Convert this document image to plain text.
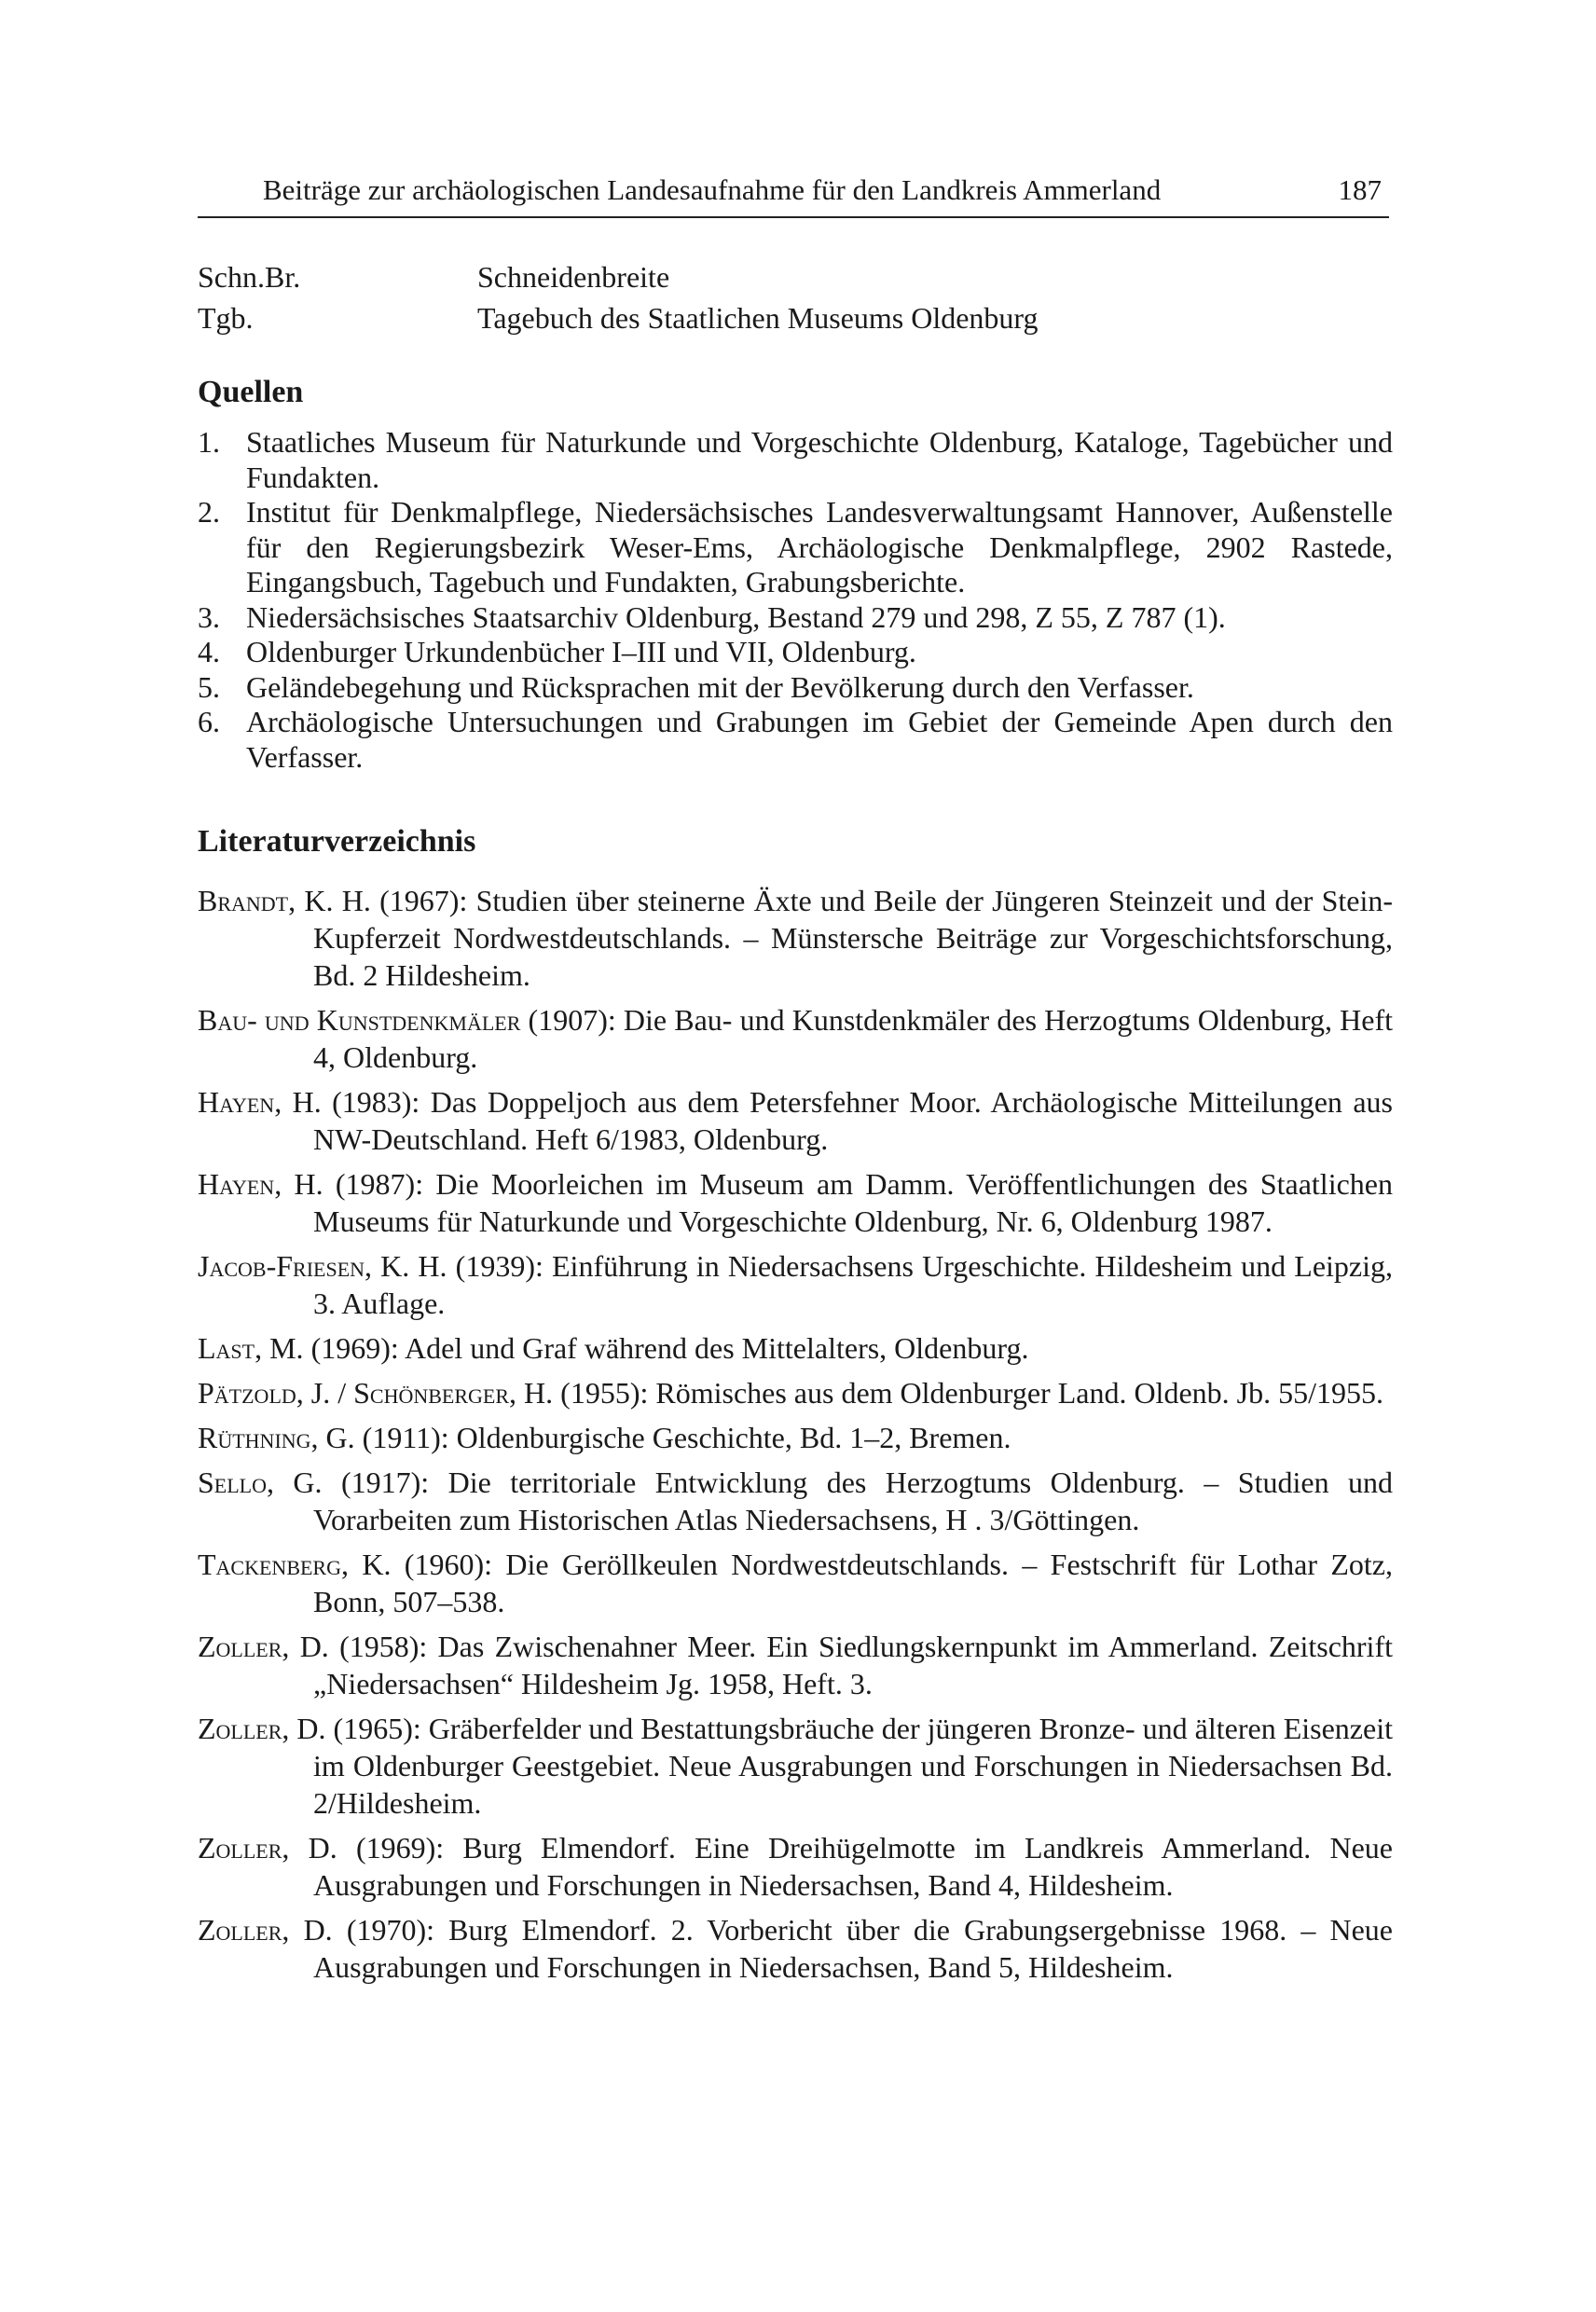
Beiträge zur archäologischen Landesaufnahme für den Landkreis Ammerland	187
Schn.Br.	Schneidenbreite
Tgb.	Tagebuch des Staatlichen Museums Oldenburg
Quellen
1. Staatliches Museum für Naturkunde und Vorgeschichte Oldenburg, Kataloge, Tagebücher und Fundakten.
2. Institut für Denkmalpflege, Niedersächsisches Landesverwaltungsamt Hannover, Außenstelle für den Regierungsbezirk Weser-Ems, Archäologische Denkmalpflege, 2902 Rastede, Eingangsbuch, Tagebuch und Fundakten, Grabungsberichte.
3. Niedersächsisches Staatsarchiv Oldenburg, Bestand 279 und 298, Z 55, Z 787 (1).
4. Oldenburger Urkundenbücher I–III und VII, Oldenburg.
5. Geländebegehung und Rücksprachen mit der Bevölkerung durch den Verfasser.
6. Archäologische Untersuchungen und Grabungen im Gebiet der Gemeinde Apen durch den Verfasser.
Literaturverzeichnis
Brandt, K. H. (1967): Studien über steinerne Äxte und Beile der Jüngeren Steinzeit und der Stein-Kupferzeit Nordwestdeutschlands. – Münstersche Beiträge zur Vorgeschichtsforschung, Bd. 2 Hildesheim.
Bau- und Kunstdenkmäler (1907): Die Bau- und Kunstdenkmäler des Herzogtums Oldenburg, Heft 4, Oldenburg.
Hayen, H. (1983): Das Doppeljoch aus dem Petersfehner Moor. Archäologische Mitteilungen aus NW-Deutschland. Heft 6/1983, Oldenburg.
Hayen, H. (1987): Die Moorleichen im Museum am Damm. Veröffentlichungen des Staatlichen Museums für Naturkunde und Vorgeschichte Oldenburg, Nr. 6, Oldenburg 1987.
Jacob-Friesen, K. H. (1939): Einführung in Niedersachsens Urgeschichte. Hildesheim und Leipzig, 3. Auflage.
Last, M. (1969): Adel und Graf während des Mittelalters, Oldenburg.
Pätzold, J. / Schönberger, H. (1955): Römisches aus dem Oldenburger Land. Oldenb. Jb. 55/1955.
Rüthning, G. (1911): Oldenburgische Geschichte, Bd. 1–2, Bremen.
Sello, G. (1917): Die territoriale Entwicklung des Herzogtums Oldenburg. – Studien und Vorarbeiten zum Historischen Atlas Niedersachsens, H . 3/Göttingen.
Tackenberg, K. (1960): Die Geröllkeulen Nordwestdeutschlands. – Festschrift für Lothar Zotz, Bonn, 507–538.
Zoller, D. (1958): Das Zwischenahner Meer. Ein Siedlungskernpunkt im Ammerland. Zeitschrift „Niedersachsen“ Hildesheim Jg. 1958, Heft. 3.
Zoller, D. (1965): Gräberfelder und Bestattungsbräuche der jüngeren Bronze- und älteren Eisenzeit im Oldenburger Geestgebiet. Neue Ausgrabungen und Forschungen in Niedersachsen Bd. 2/Hildesheim.
Zoller, D. (1969): Burg Elmendorf. Eine Dreihügelmotte im Landkreis Ammerland. Neue Ausgrabungen und Forschungen in Niedersachsen, Band 4, Hildesheim.
Zoller, D. (1970): Burg Elmendorf. 2. Vorbericht über die Grabungsergebnisse 1968. – Neue Ausgrabungen und Forschungen in Niedersachsen, Band 5, Hildesheim.
